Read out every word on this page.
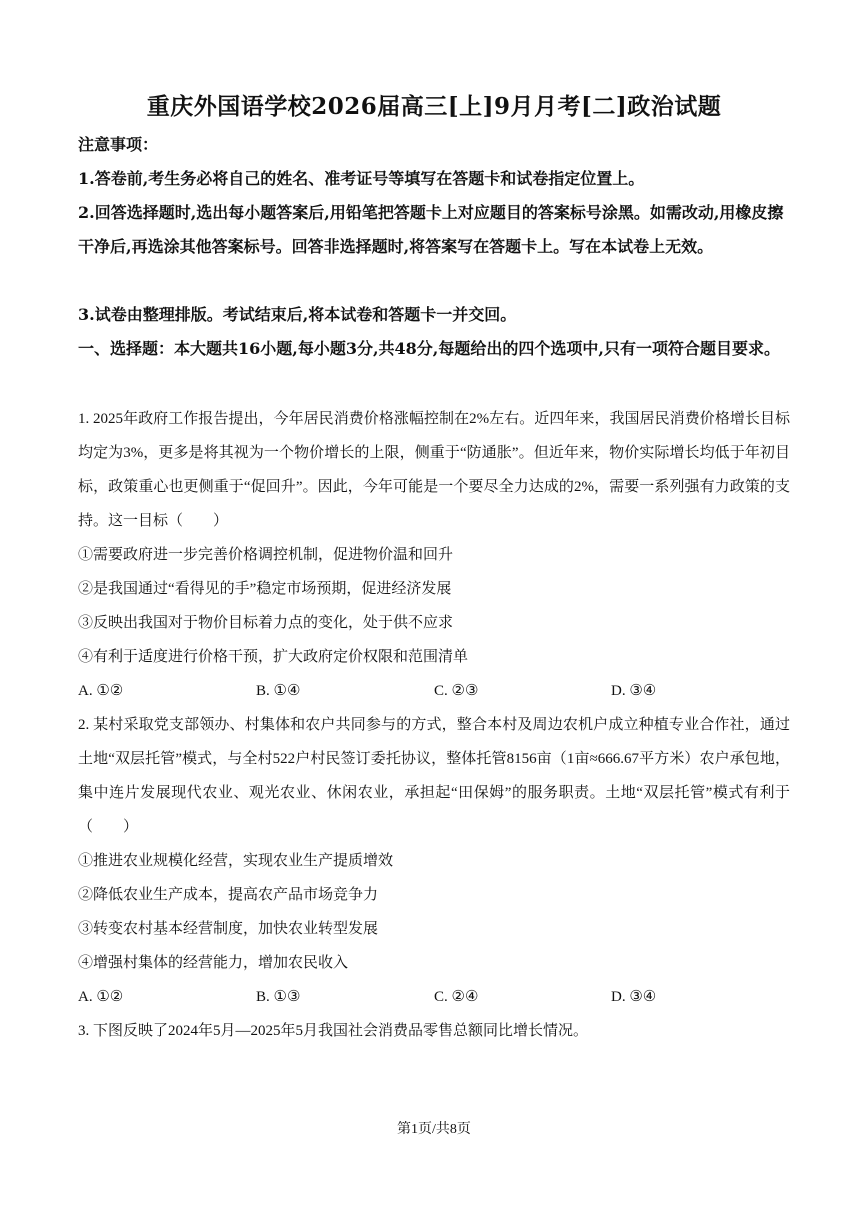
重庆外国语学校2026届高三[上]9月月考[二]政治试题
注意事项：
1.答卷前,考生务必将自己的姓名、准考证号等填写在答题卡和试卷指定位置上。
2.回答选择题时,选出每小题答案后,用铅笔把答题卡上对应题目的答案标号涂黑。如需改动,用橡皮擦干净后,再选涂其他答案标号。回答非选择题时,将答案写在答题卡上。写在本试卷上无效。
3.试卷由整理排版。考试结束后,将本试卷和答题卡一并交回。
一、选择题：本大题共16小题,每小题3分,共48分,每题给出的四个选项中,只有一项符合题目要求。
1. 2025年政府工作报告提出，今年居民消费价格涨幅控制在2%左右。近四年来，我国居民消费价格增长目标均定为3%，更多是将其视为一个物价增长的上限，侧重于“防通胀”。但近年来，物价实际增长均低于年初目标，政策重心也更侧重于“促回升”。因此，今年可能是一个要尽全力达成的2%，需要一系列强有力政策的支持。这一目标（　　）
①需要政府进一步完善价格调控机制，促进物价温和回升
②是我国通过“看得见的手”稳定市场预期，促进经济发展
③反映出我国对于物价目标着力点的变化，处于供不应求
④有利于适度进行价格干预，扩大政府定价权限和范围清单
A. ①②	B. ①④	C. ②③	D. ③④
2. 某村采取党支部领办、村集体和农户共同参与的方式，整合本村及周边农机户成立种植专业合作社，通过土地“双层托管”模式，与全村522户村民签订委托协议，整体托管8156亩（1亩≈666.67平方米）农户承包地，集中连片发展现代农业、观光农业、休闲农业，承担起“田保姆”的服务职责。土地“双层托管”模式有利于（　　）
①推进农业规模化经营，实现农业生产提质增效
②降低农业生产成本，提高农产品市场竞争力
③转变农村基本经营制度，加快农业转型发展
④增强村集体的经营能力，增加农民收入
A. ①②	B. ①③	C. ②④	D. ③④
3. 下图反映了2024年5月—2025年5月我国社会消费品零售总额同比增长情况。
第1页/共8页
